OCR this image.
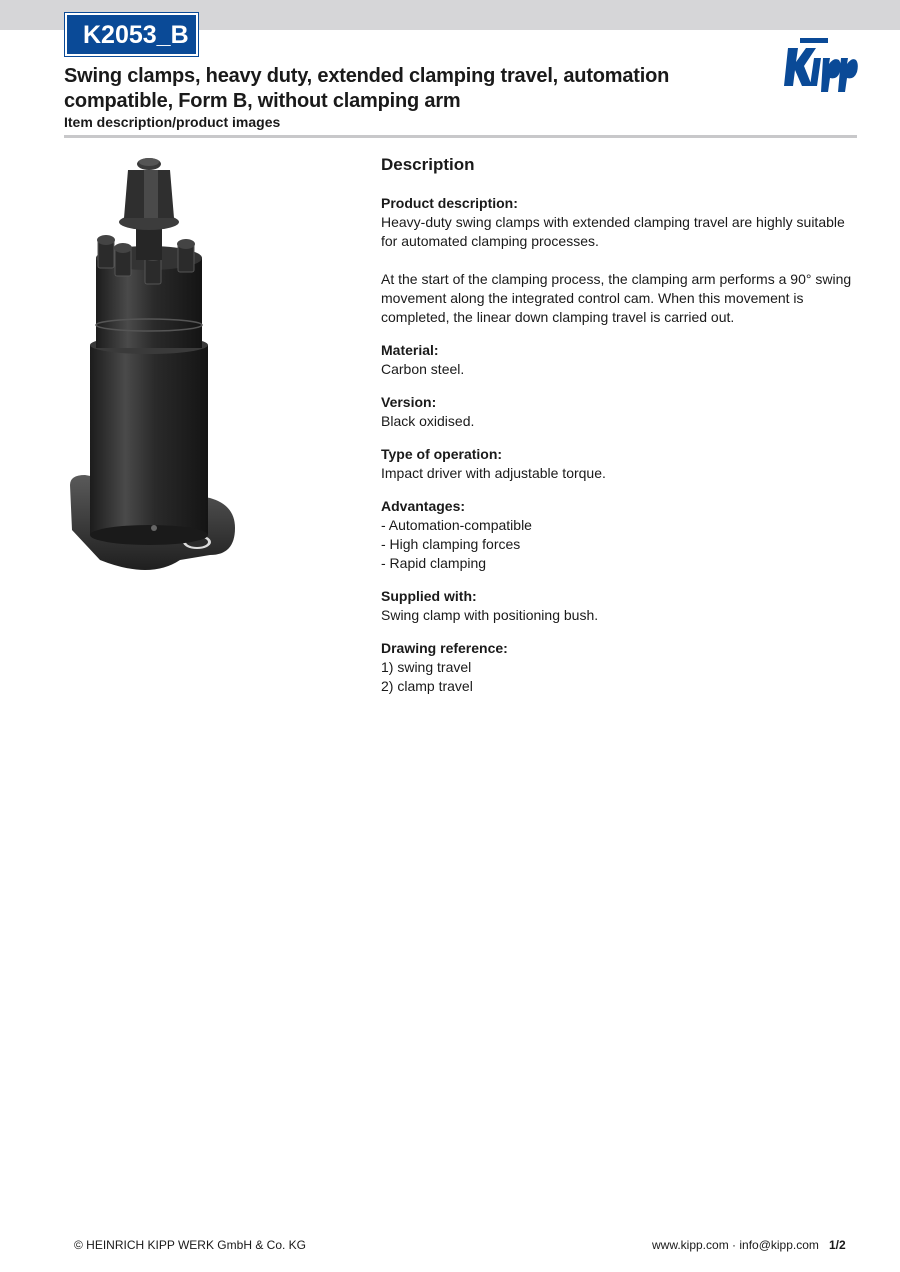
K2053_B
Swing clamps, heavy duty, extended clamping travel, automation compatible, Form B, without clamping arm
Item description/product images
Description
Product description:
Heavy-duty swing clamps with extended clamping travel are highly suitable for automated clamping processes.
At the start of the clamping process, the clamping arm performs a 90° swing movement along the integrated control cam. When this movement is completed, the linear down clamping travel is carried out.
Material:
Carbon steel.
Version:
Black oxidised.
Type of operation:
Impact driver with adjustable torque.
Advantages:
- Automation-compatible
- High clamping forces
- Rapid clamping
Supplied with:
Swing clamp with positioning bush.
Drawing reference:
1) swing travel
2) clamp travel
© HEINRICH KIPP WERK GmbH & Co. KG	www.kipp.com · info@kipp.com 1/2
